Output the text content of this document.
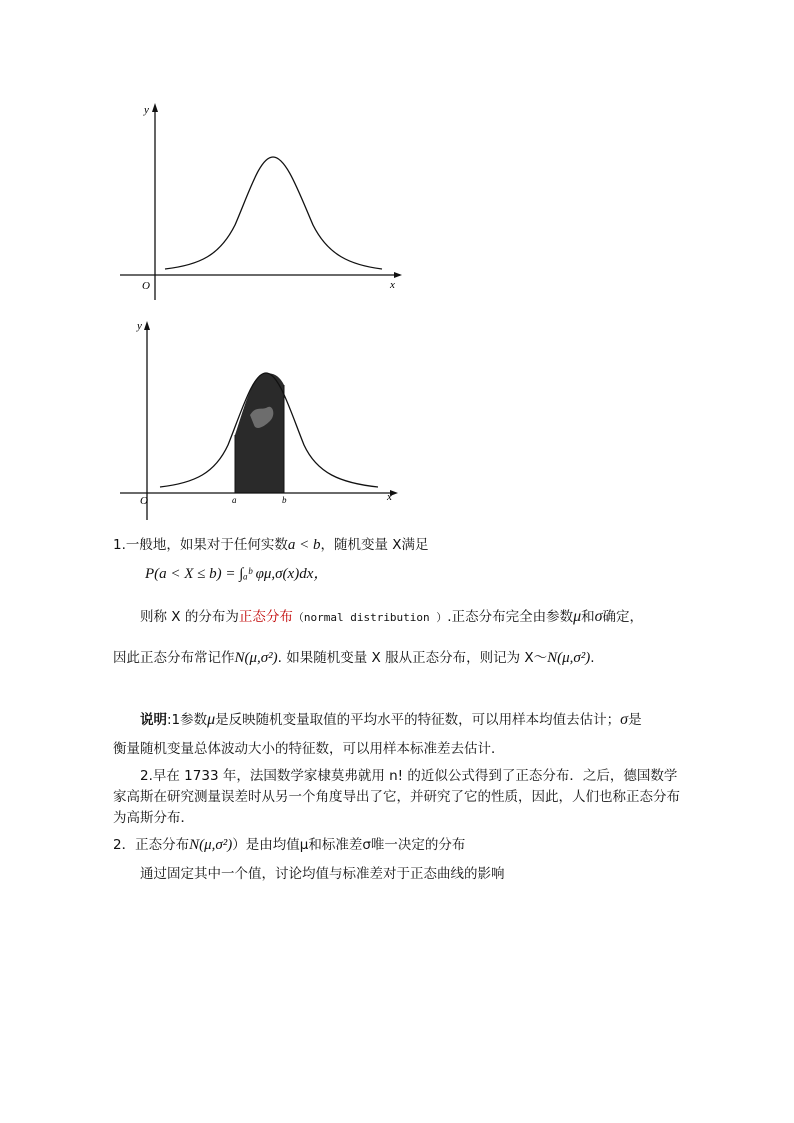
y
x
O
y
x
O	a	b
1.一般地，如果对于任何实数a < b，随机变量 X满足
P(a < X ≤ b) = ∫ₐᵇ φμ,σ(x)dx，
则称 X 的分布为正态分布（normal distribution ）.正态分布完全由参数μ和σ确定，
因此正态分布常记作N(μ,σ²). 如果随机变量 X 服从正态分布，则记为 X～N(μ,σ²).
说明:1参数μ是反映随机变量取值的平均水平的特征数，可以用样本均值去估计；σ是
衡量随机变量总体波动大小的特征数，可以用样本标准差去估计．
2.早在 1733 年，法国数学家棣莫弗就用 n! 的近似公式得到了正态分布．之后，德国数学家高斯在研究测量误差时从另一个角度导出了它，并研究了它的性质，因此，人们也称正态分布为高斯分布．
2．正态分布N(μ,σ²)）是由均值μ和标准差σ唯一决定的分布
通过固定其中一个值，讨论均值与标准差对于正态曲线的影响
